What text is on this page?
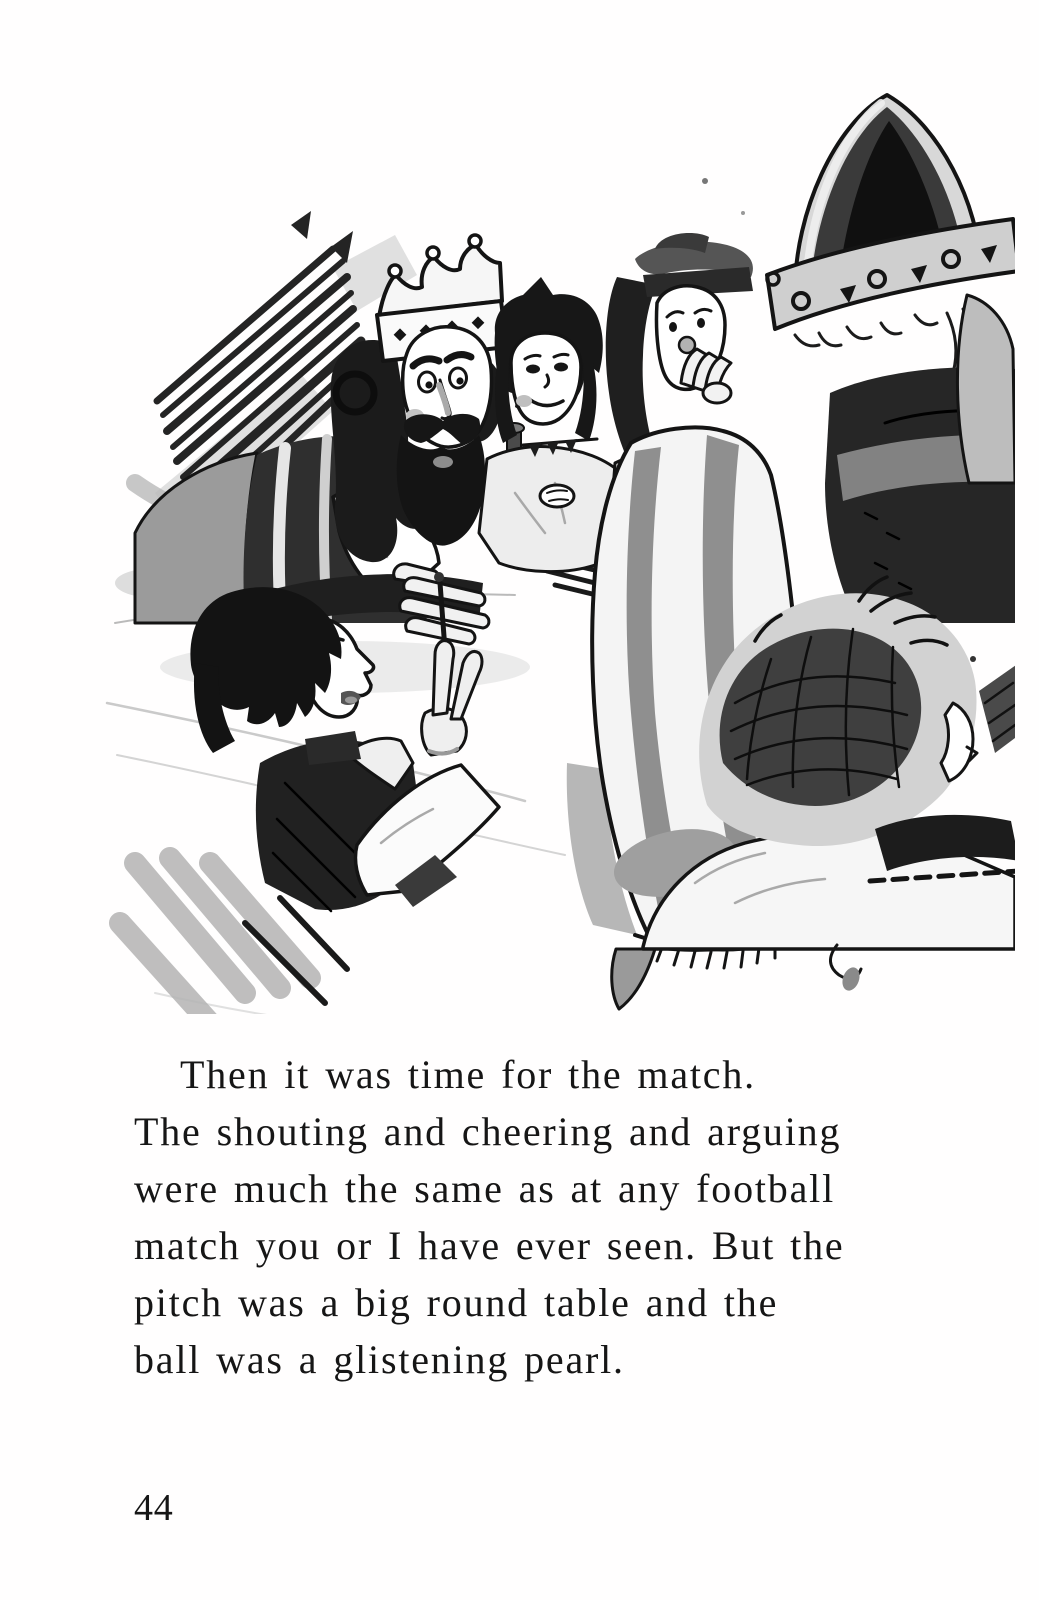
Then it was time for the match.
The shouting and cheering and arguing
were much the same as at any football
match you or I have ever seen. But the
pitch was a big round table and the
ball was a glistening pearl.
44
